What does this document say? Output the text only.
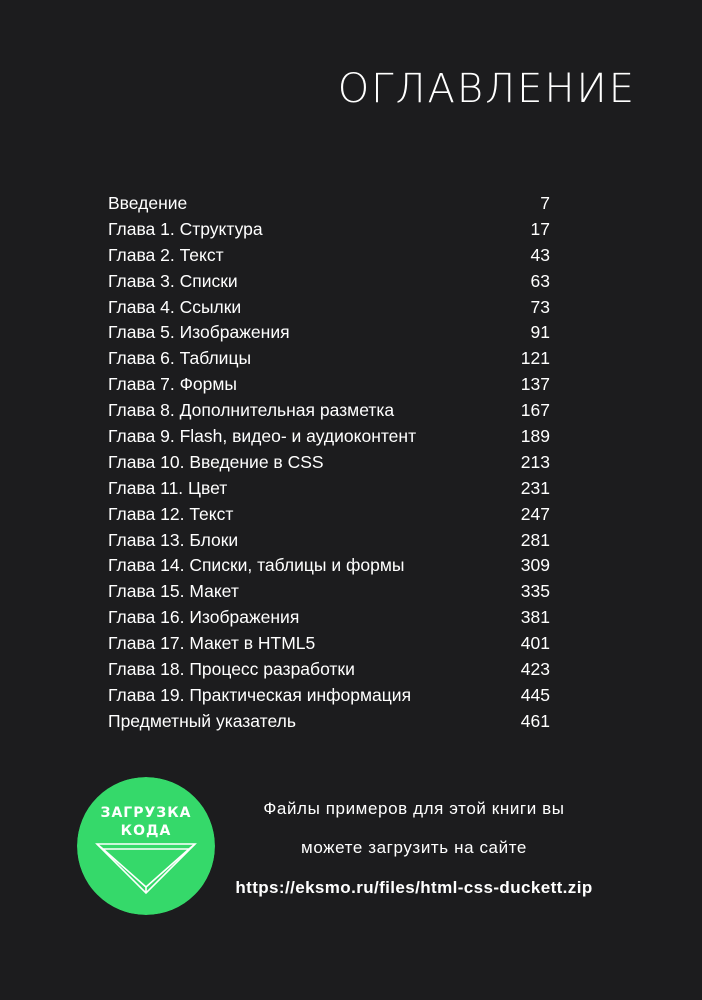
ОГЛАВЛЕНИЕ
Введение	7
Глава 1. Структура	17
Глава 2. Текст	43
Глава 3. Списки	63
Глава 4. Ссылки	73
Глава 5. Изображения	91
Глава 6. Таблицы	121
Глава 7. Формы	137
Глава 8. Дополнительная разметка	167
Глава 9. Flash, видео- и аудиоконтент	189
Глава 10. Введение в CSS	213
Глава 11. Цвет	231
Глава 12. Текст	247
Глава 13. Блоки	281
Глава 14. Списки, таблицы и формы	309
Глава 15. Макет	335
Глава 16. Изображения	381
Глава 17. Макет в HTML5	401
Глава 18. Процесс разработки	423
Глава 19. Практическая информация	445
Предметный указатель	461
ЗАГРУЗКА
КОДА

Файлы примеров для этой книги вы

можете загрузить на сайте

https://eksmo.ru/files/html-css-duckett.zip
